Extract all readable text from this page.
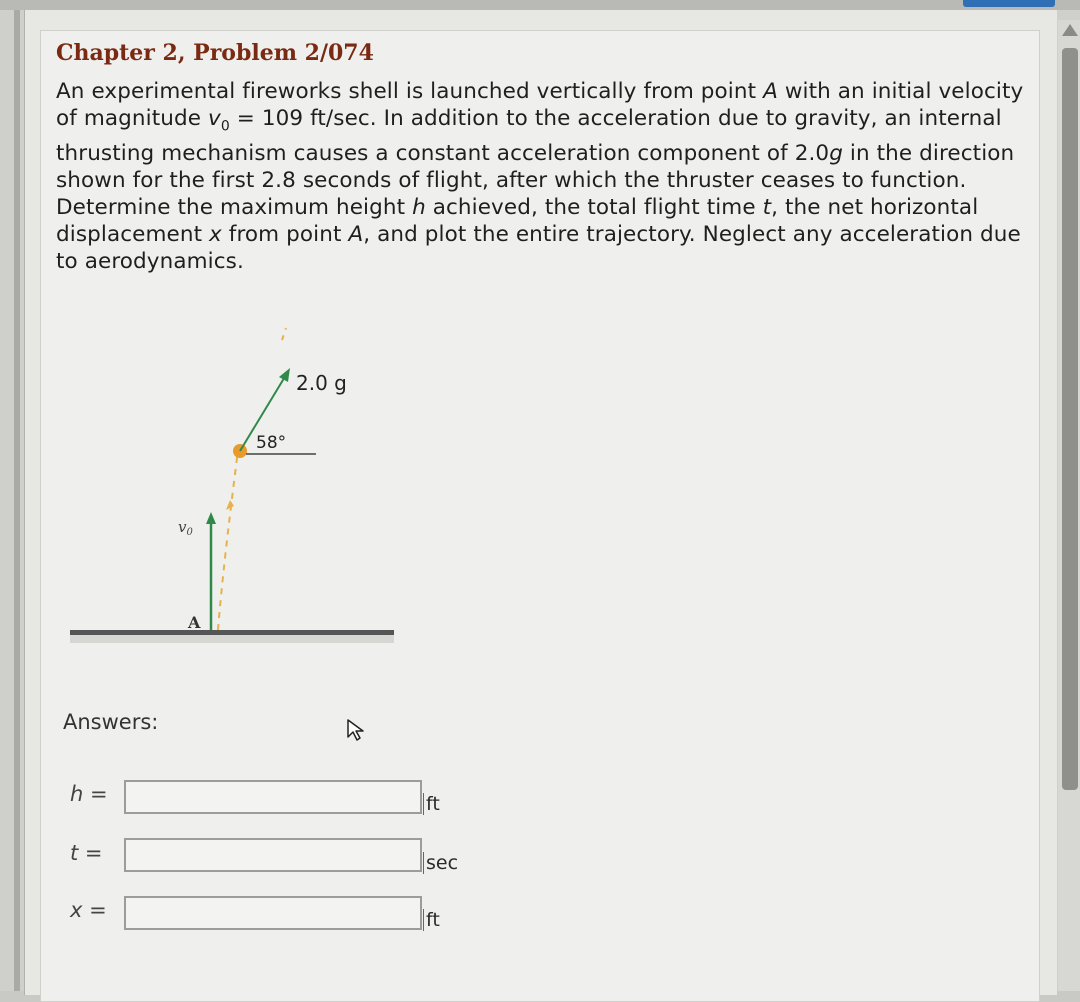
Chapter 2, Problem 2/074
An experimental fireworks shell is launched vertically from point A with an initial velocity of magnitude $v_0 = 109$ ft/sec. In addition to the acceleration due to gravity, an internal thrusting mechanism causes a constant acceleration component of 2.0g in the direction shown for the first 2.8 seconds of flight, after which the thruster ceases to function. Determine the maximum height h achieved, the total flight time t, the net horizontal displacement x from point A, and plot the entire trajectory. Neglect any acceleration due to aerodynamics.
$v_0$
A
2.0 g
58°
Answers:
h =	ft
t =	sec
x =	ft
